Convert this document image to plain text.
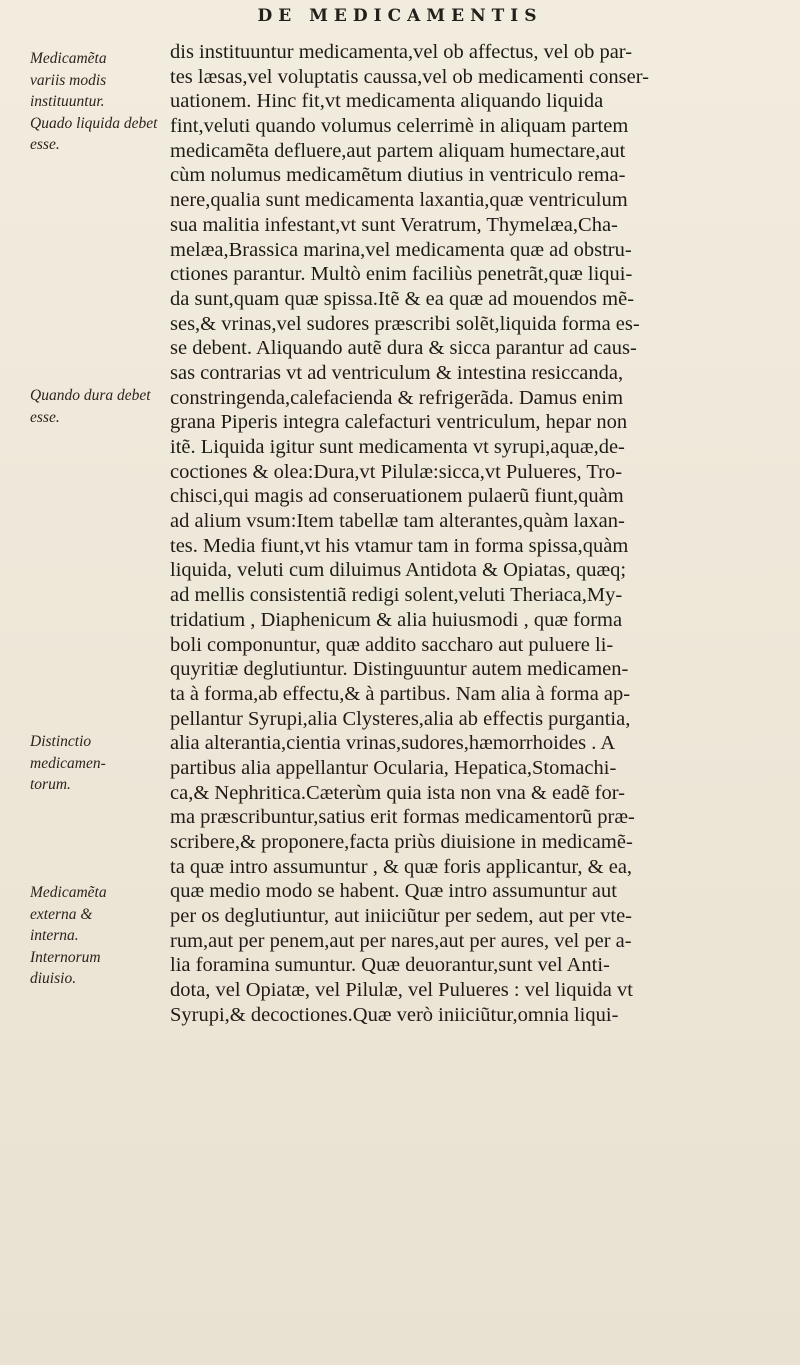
DE MEDICAMENTIS
Medicamẽta
variis modis
instituuntur.
Quado liquida debet esse.
Quando dura debet esse.
Distinctio
medicamen-
torum.
Medicamẽta
externa &
interna.
Internorum
diuisio.
dis instituuntur medicamenta,vel ob affectus, vel ob par-
tes læsas,vel voluptatis caussa,vel ob medicamenti conser-
uationem. Hinc fit,vt medicamenta aliquando liquida
fint,veluti quando volumus celerrimè in aliquam partem
medicamẽta defluere,aut partem aliquam humectare,aut
cùm nolumus medicamẽtum diutius in ventriculo rema-
nere,qualia sunt medicamenta laxantia,quæ ventriculum
sua malitia infestant,vt sunt Veratrum, Thymelæa,Cha-
melæa,Brassica marina,vel medicamenta quæ ad obstru-
ctiones parantur. Multò enim faciliùs penetrãt,quæ liqui-
da sunt,quam quæ spissa.Itẽ & ea quæ ad mouendos mẽ-
ses,& vrinas,vel sudores præscribi solẽt,liquida forma es-
se debent. Aliquando autẽ dura & sicca parantur ad caus-
sas contrarias vt ad ventriculum & intestina resiccanda,
constringenda,calefacienda & refrigerãda. Damus enim
grana Piperis integra calefacturi ventriculum, hepar non
itẽ. Liquida igitur sunt medicamenta vt syrupi,aquæ,de-
coctiones & olea:Dura,vt Pilulæ:sicca,vt Pulueres, Tro-
chisci,qui magis ad conseruationem pulaerũ fiunt,quàm
ad alium vsum:Item tabellæ tam alterantes,quàm laxan-
tes. Media fiunt,vt his vtamur tam in forma spissa,quàm
liquida, veluti cum diluimus Antidota & Opiatas, quæq;
ad mellis consistentiã redigi solent,veluti Theriaca,My-
tridatium , Diaphenicum & alia huiusmodi , quæ forma
boli componuntur, quæ addito saccharo aut puluere li-
quyritiæ deglutiuntur. Distinguuntur autem medicamen-
ta à forma,ab effectu,& à partibus. Nam alia à forma ap-
pellantur Syrupi,alia Clysteres,alia ab effectis purgantia,
alia alterantia,cientia vrinas,sudores,hæmorrhoides . A
partibus alia appellantur Ocularia, Hepatica,Stomachi-
ca,& Nephritica.Cæterùm quia ista non vna & eadẽ for-
ma præscribuntur,satius erit formas medicamentorũ præ-
scribere,& proponere,facta priùs diuisione in medicamẽ-
ta quæ intro assumuntur , & quæ foris applicantur, & ea,
quæ medio modo se habent. Quæ intro assumuntur aut
per os deglutiuntur, aut iniiciũtur per sedem, aut per vte-
rum,aut per penem,aut per nares,aut per aures, vel per a-
lia foramina sumuntur. Quæ deuorantur,sunt vel Anti-
dota, vel Opiatæ, vel Pilulæ, vel Pulueres : vel liquida vt
Syrupi,& decoctiones.Quæ verò iniiciũtur,omnia liqui-
